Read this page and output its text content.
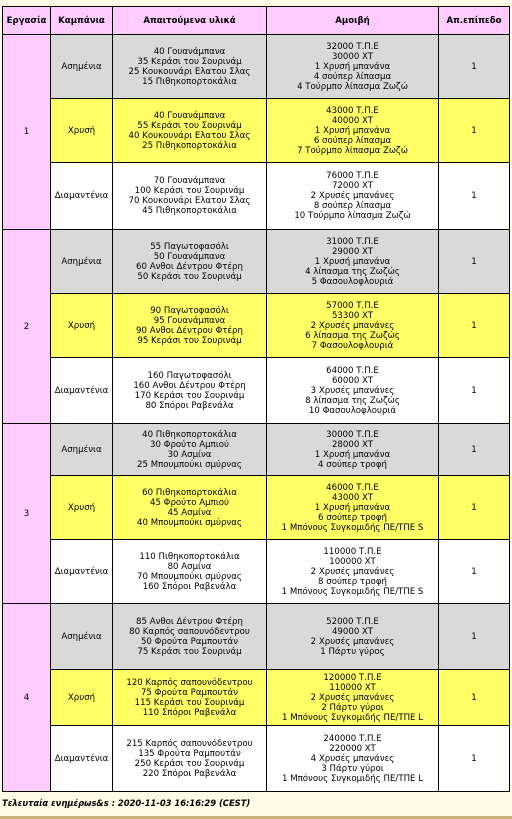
Εργασία	Καμπάνια	Απαιτούμενα υλικά	Αμοιβή	Απ.επίπεδο
1	Ασημένια	40 Γουανάμπανα
35 Κεράσι του Σουρινάμ
25 Κουκουνάρι Ελατου Σλας
15 Πιθηκοπορτοκάλια	32000 Τ.Π.Ε
30000 XT
1 Χρυσή μπανάνα
4 σούπερ λίπασμα
4 Τούρμπο λίπασμα Ζωζώ	1
	Χρυσή	40 Γουανάμπανα
55 Κεράσι του Σουρινάμ
40 Κουκουνάρι Ελατου Σλας
25 Πιθηκοπορτοκάλια	43000 Τ.Π.Ε
40000 XT
1 Χρυσή μπανάνα
6 σούπερ λίπασμα
7 Τούρμπο λίπασμα Ζωζώ	1
	Διαμαντένια	70 Γουανάμπανα
100 Κεράσι του Σουρινάμ
70 Κουκουνάρι Ελατου Σλας
45 Πιθηκοπορτοκάλια	76000 Τ.Π.Ε
72000 XT
2 Χρυσές μπανάνες
8 σούπερ λίπασμα
10 Τούρμπο λίπασμα Ζωζώ	1
2	Ασημένια	55 Παγωτοφασόλι
50 Γουανάμπανα
60 Ανθοι Δέντρου Φτέρη
50 Κεράσι του Σουρινάμ	31000 Τ.Π.Ε
29000 XT
1 Χρυσή μπανάνα
4 λίπασμα της Ζωζώς
5 Φασουλοφλουριά	1
	Χρυσή	90 Παγωτοφασόλι
95 Γουανάμπανα
90 Ανθοι Δέντρου Φτέρη
95 Κεράσι του Σουρινάμ	57000 Τ.Π.Ε
53300 XT
2 Χρυσές μπανάνες
6 λίπασμα της Ζωζώς
7 Φασουλοφλουριά	1
	Διαμαντένια	160 Παγωτοφασόλι
160 Ανθοι Δέντρου Φτέρη
170 Κεράσι του Σουρινάμ
80 Σπόροι Ραβενάλα	64000 Τ.Π.Ε
60000 XT
3 Χρυσές μπανάνες
8 λίπασμα της Ζωζώς
10 Φασουλοφλουριά	1
3	Ασημένια	40 Πιθηκοπορτοκάλια
30 Φρούτο Αμπιού
30 Ασμίνα
25 Μπουμπούκι σμύρνας	30000 Τ.Π.Ε
28000 XT
1 Χρυσή μπανάνα
4 σούπερ τροφή	1
	Χρυσή	60 Πιθηκοπορτοκάλια
45 Φρούτο Αμπιού
45 Ασμίνα
40 Μπουμπούκι σμύρνας	46000 Τ.Π.Ε
43000 XT
1 Χρυσή μπανάνα
6 σούπερ τροφή
1 Μπόνους Συγκομιδής ΠΕ/ΤΠΕ S	1
	Διαμαντένια	110 Πιθηκοπορτοκάλια
80 Ασμίνα
70 Μπουμπούκι σμύρνας
160 Σπόροι Ραβενάλα	110000 Τ.Π.Ε
100000 XT
2 Χρυσές μπανάνες
8 σούπερ τροφή
1 Μπόνους Συγκομιδής ΠΕ/ΤΠΕ S	1
4	Ασημένια	85 Ανθοι Δέντρου Φτέρη
80 Καρπός σαπουνόδεντρου
50 Φρούτα Ραμπουτάν
75 Κεράσι του Σουρινάμ	52000 Τ.Π.Ε
49000 XT
2 Χρυσές μπανάνες
1 Πάρτυ γύρος	1
	Χρυσή	120 Καρπός σαπουνόδεντρου
75 Φρούτα Ραμπουτάν
115 Κεράσι του Σουρινάμ
110 Σπόροι Ραβενάλα	120000 Τ.Π.Ε
110000 XT
2 Χρυσές μπανάνες
2 Πάρτυ γύροι
1 Μπόνους Συγκομιδής ΠΕ/ΤΠΕ L	1
	Διαμαντένια	215 Καρπός σαπουνόδεντρου
135 Φρούτα Ραμπουτάν
250 Κεράσι του Σουρινάμ
220 Σπόροι Ραβενάλα	240000 Τ.Π.Ε
220000 XT
4 Χρυσές μπανάνες
3 Πάρτυ γύροι
1 Μπόνους Συγκομιδής ΠΕ/ΤΠΕ L	1
Τελευταία ενημέρωs&s : 2020-11-03 16:16:29 (CEST)
